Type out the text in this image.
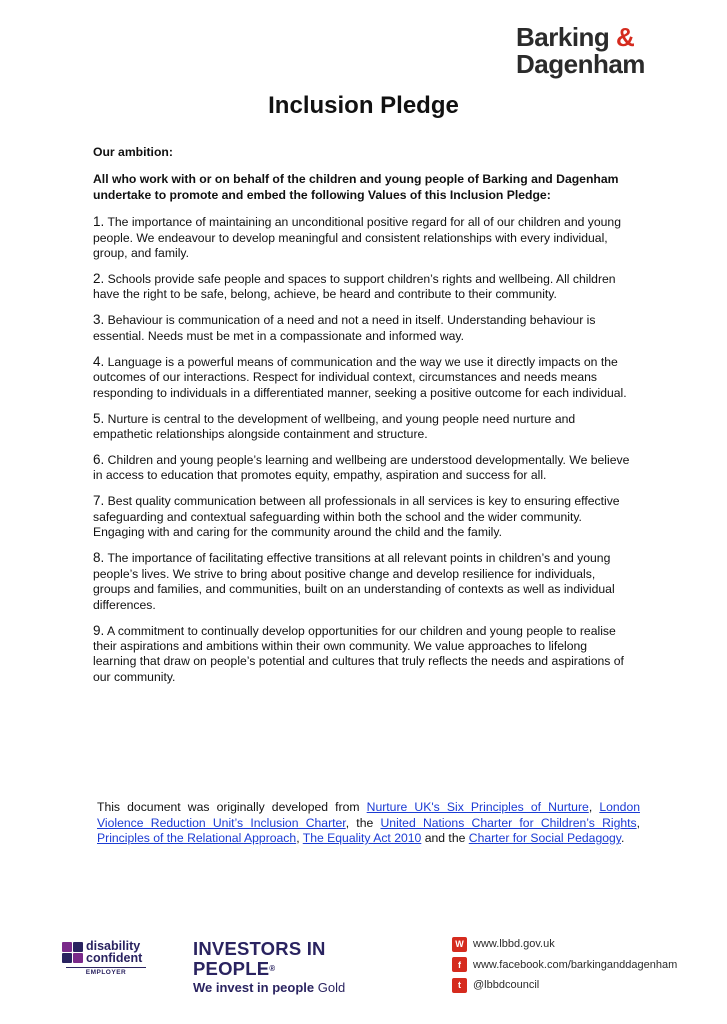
Barking &
Dagenham
Inclusion Pledge
Our ambition:
All who work with or on behalf of the children and young people of Barking and Dagenham undertake to promote and embed the following Values of this Inclusion Pledge:
1. The importance of maintaining an unconditional positive regard for all of our children and young people. We endeavour to develop meaningful and consistent relationships with every individual, group, and family.
2. Schools provide safe people and spaces to support children’s rights and wellbeing. All children have the right to be safe, belong, achieve, be heard and contribute to their community.
3. Behaviour is communication of a need and not a need in itself. Understanding behaviour is essential. Needs must be met in a compassionate and informed way.
4. Language is a powerful means of communication and the way we use it directly impacts on the outcomes of our interactions. Respect for individual context, circumstances and needs means responding to individuals in a differentiated manner, seeking a positive outcome for each individual.
5. Nurture is central to the development of wellbeing, and young people need nurture and empathetic relationships alongside containment and structure.
6. Children and young people’s learning and wellbeing are understood developmentally. We believe in access to education that promotes equity, empathy, aspiration and success for all.
7. Best quality communication between all professionals in all services is key to ensuring effective safeguarding and contextual safeguarding within both the school and the wider community. Engaging with and caring for the community around the child and the family.
8. The importance of facilitating effective transitions at all relevant points in children’s and young people’s lives. We strive to bring about positive change and develop resilience for individuals, groups and families, and communities, built on an understanding of contexts as well as individual differences.
9. A commitment to continually develop opportunities for our children and young people to realise their aspirations and ambitions within their own community. We value approaches to lifelong learning that draw on people’s potential and cultures that truly reflects the needs and aspirations of our community.
This document was originally developed from Nurture UK's Six Principles of Nurture, London Violence Reduction Unit’s Inclusion Charter, the United Nations Charter for Children’s Rights, Principles of the Relational Approach, The Equality Act 2010 and the Charter for Social Pedagogy.
disability
confident
EMPLOYER
INVESTORS IN PEOPLE®
We invest in people Gold
W www.lbbd.gov.uk
f	www.facebook.com/barkinganddagenham
t	@lbbdcouncil
